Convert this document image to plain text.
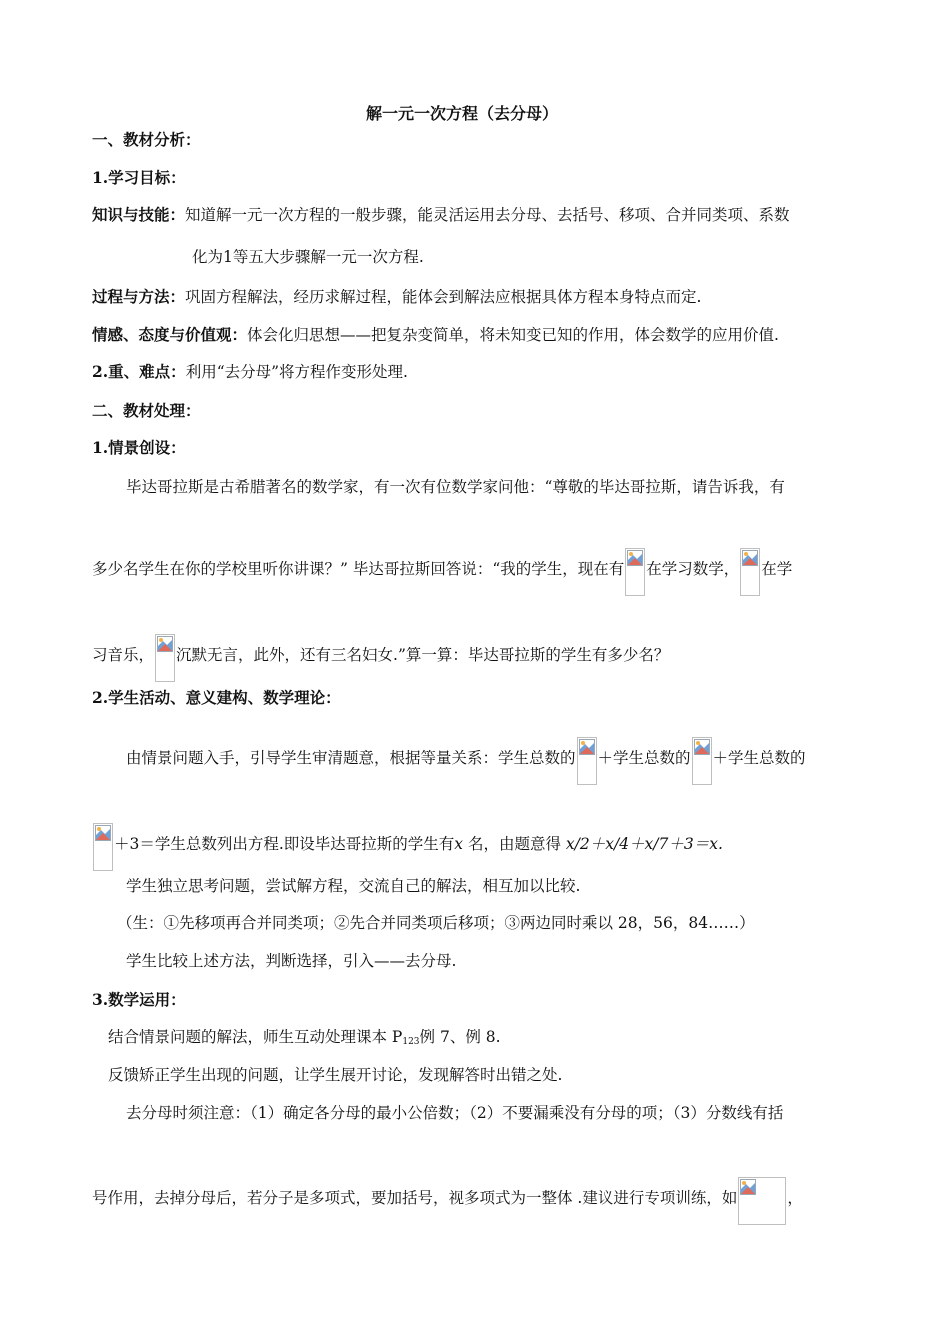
解一元一次方程（去分母）
一、教材分析：
1.学习目标：
知识与技能：知道解一元一次方程的一般步骤，能灵活运用去分母、去括号、移项、合并同类项、系数
化为1等五大步骤解一元一次方程.
过程与方法：巩固方程解法，经历求解过程，能体会到解法应根据具体方程本身特点而定.
情感、态度与价值观：体会化归思想——把复杂变简单，将未知变已知的作用，体会数学的应用价值.
2.重、难点：利用“去分母”将方程作变形处理.
二、教材处理：
1.情景创设：
毕达哥拉斯是古希腊著名的数学家，有一次有位数学家问他：“尊敬的毕达哥拉斯，请告诉我，有
多少名学生在你的学校里听你讲课？” 毕达哥拉斯回答说：“我的学生，现在有 在学习数学， 在学
习音乐， 沉默无言，此外，还有三名妇女.”算一算：毕达哥拉斯的学生有多少名？
2.学生活动、意义建构、数学理论：
由情景问题入手，引导学生审清题意，根据等量关系：学生总数的 ＋学生总数的 ＋学生总数的
＋3＝学生总数列出方程.即设毕达哥拉斯的学生有x 名，由题意得 x/2＋x/4＋x/7＋3＝x.
学生独立思考问题，尝试解方程，交流自己的解法，相互加以比较.
（生：①先移项再合并同类项；②先合并同类项后移项；③两边同时乘以 28，56，84……）
学生比较上述方法，判断选择，引入——去分母.
3.数学运用：
结合情景问题的解法，师生互动处理课本 $P_{123}$例 7、例 8.
反馈矫正学生出现的问题，让学生展开讨论，发现解答时出错之处.
去分母时须注意：（1）确定各分母的最小公倍数；（2）不要漏乘没有分母的项；（3）分数线有括
号作用，去掉分母后，若分子是多项式，要加括号，视多项式为一整体 .建议进行专项训练，如	，
